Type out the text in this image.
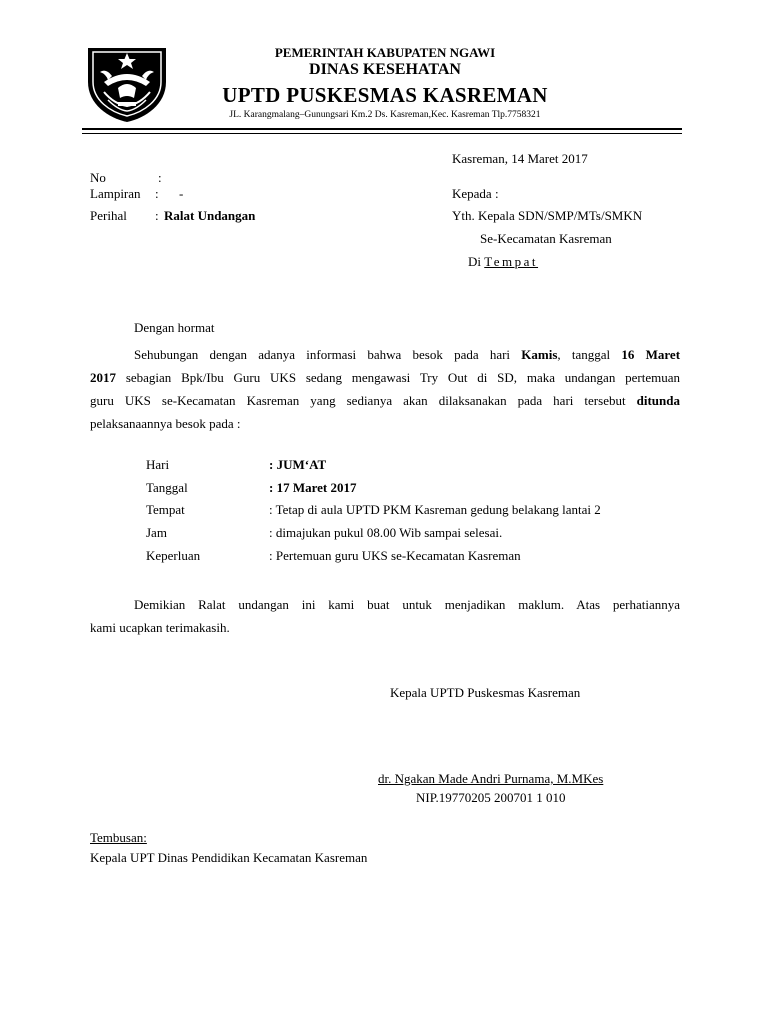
PEMERINTAH KABUPATEN NGAWI
DINAS KESEHATAN
UPTD PUSKESMAS KASREMAN
JL. Karangmalang–Gunungsari Km.2 Ds. Kasreman,Kec. Kasreman Tlp.7758321
Kasreman, 14 Maret 2017
No	:
Lampiran : -
Perihal : Ralat Undangan
Kepada :
Yth. Kepala SDN/SMP/MTs/SMKN
Se-Kecamatan Kasreman
Di Tempat
Dengan hormat
Sehubungan dengan adanya informasi bahwa besok pada hari Kamis, tanggal 16 Maret
2017 sebagian Bpk/Ibu Guru UKS sedang mengawasi Try Out di SD, maka undangan pertemuan
guru UKS se-Kecamatan Kasreman yang sedianya akan dilaksanakan pada hari tersebut ditunda
pelaksanaannya besok pada :
Hari	: JUM‘AT
Tanggal	: 17 Maret 2017
Tempat	: Tetap di aula UPTD PKM Kasreman gedung belakang lantai 2
Jam	: dimajukan pukul 08.00 Wib sampai selesai.
Keperluan	: Pertemuan guru UKS se-Kecamatan Kasreman
Demikian Ralat undangan ini kami buat untuk menjadikan maklum. Atas perhatiannya
kami ucapkan terimakasih.
Kepala UPTD Puskesmas Kasreman
dr. Ngakan Made Andri Purnama, M.MKes
NIP.19770205 200701 1 010
Tembusan:
Kepala UPT Dinas Pendidikan Kecamatan Kasreman
